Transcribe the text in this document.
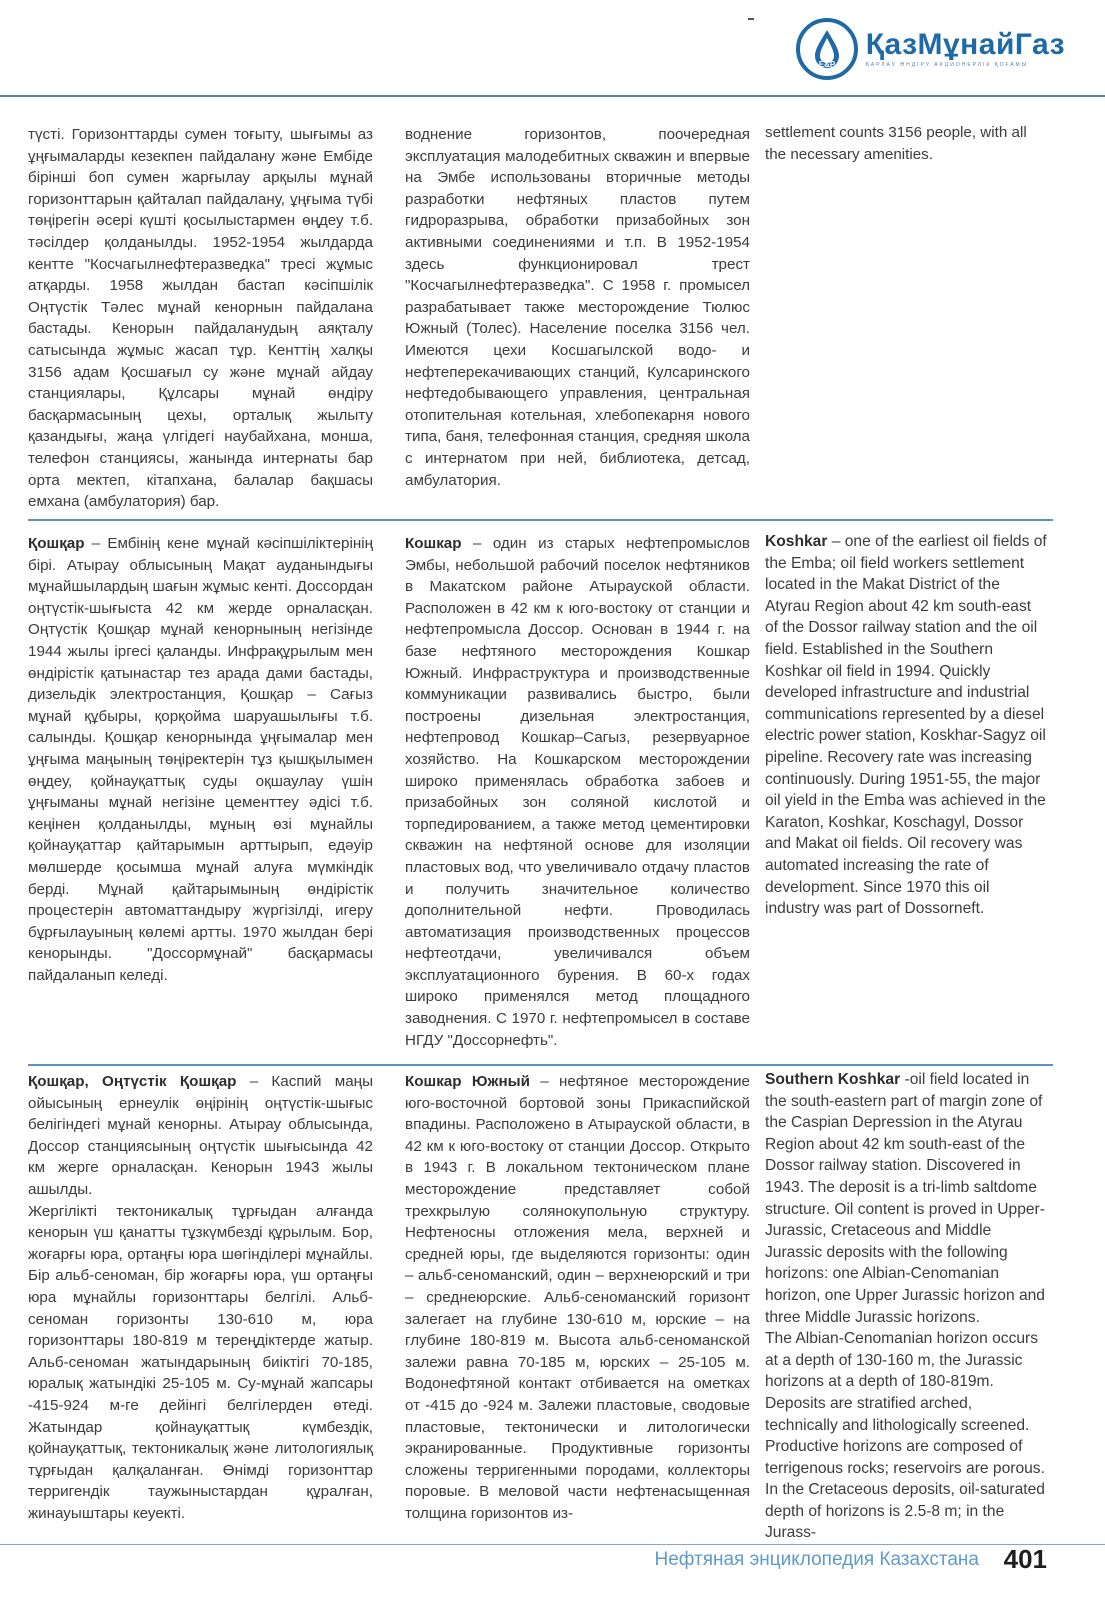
E&P
ҚазМұнайГаз
БАРЛАУ ӨНДІРУ АКЦИОНЕРЛІК ҚОҒАМЫ

түсті. Горизонттарды сумен тоғыту, шығымы аз ұңғымаларды кезекпен пайдалану және Ембіде бірінші боп сумен жарғылау арқылы мұнай горизонттарын қайталап пайдалану, ұңғыма түбі төңірегін әсері күшті қосылыстармен өңдеу т.б. тәсілдер қолданылды. 1952-1954 жылдарда кентте "Косчагылнефтеразведка" тресі жұмыс атқарды. 1958 жылдан бастап кәсіпшілік Оңтүстік Тәлес мұнай кенорнын пайдалана бастады. Кенорын пайдаланудың аяқталу сатысында жұмыс жасап тұр. Кенттің халқы 3156 адам Қосшағыл су және мұнай айдау станциялары, Құлсары мұнай өндіру басқармасының цехы, орталық жылыту қазандығы, жаңа үлгідегі наубайхана, монша, телефон станциясы, жанында интернаты бар орта мектеп, кітапхана, балалар бақшасы емхана (амбулатория) бар.

воднение горизонтов, поочередная эксплуатация малодебитных скважин и впервые на Эмбе использованы вторичные методы разработки нефтяных пластов путем гидроразрыва, обработки призабойных зон активными соединениями и т.п. В 1952-1954 здесь функционировал трест "Косчагылнефтеразведка". С 1958 г. промысел разрабатывает также месторождение Тюлюс Южный (Толес). Население поселка 3156 чел. Имеются цехи Косшагылской водо- и нефтеперекачивающих станций, Кулсаринского нефтедобывающего управления, центральная отопительная котельная, хлебопекарня нового типа, баня, телефонная станция, средняя школа с интернатом при ней, библиотека, детсад, амбулатория.

settlement counts 3156 people, with all the necessary amenities.

Қошқар – Ембінің кене мұнай кәсіпшіліктерінің бірі. Атырау облысының Мақат ауданындығы мұнайшылардың шағын жұмыс кенті. Доссордан оңтүстік-шығыста 42 км жерде орналасқан. Оңтүстік Қошқар мұнай кенорнының негізінде 1944 жылы іргесі қаланды. Инфрақұрылым мен өндірістік қатынастар тез арада дами бастады, дизельдік электростанция, Қошқар – Сағыз мұнай құбыры, қорқойма шаруашылығы т.б. салынды. Қошқар кенорнында ұңғымалар мен ұңғыма маңының төңіректерін тұз қышқылымен өңдеу, қойнауқаттық суды оқшаулау үшін ұңғыманы мұнай негізіне цементтеу әдісі т.б. кеңінен қолданылды, мұның өзі мұнайлы қойнауқаттар қайтарымын арттырып, едәуір мөлшерде қосымша мұнай алуға мүмкіндік берді. Мұнай қайтарымының өндірістік процестерін автоматтандыру жүргізілді, игеру бұрғылауының көлемі артты. 1970 жылдан бері кенорынды. "Доссормұнай" басқармасы пайдаланып келеді.

Кошкар – один из старых нефтепромыслов Эмбы, небольшой рабочий поселок нефтяников в Макатском районе Атырауской области. Расположен в 42 км к юго-востоку от станции и нефтепромысла Доссор. Основан в 1944 г. на базе нефтяного месторождения Кошкар Южный. Инфраструктура и производственные коммуникации развивались быстро, были построены дизельная электростанция, нефтепровод Кошкар–Сагыз, резервуарное хозяйство. На Кошкарском месторождении широко применялась обработка забоев и призабойных зон соляной кислотой и торпедированием, а также метод цементировки скважин на нефтяной основе для изоляции пластовых вод, что увеличивало отдачу пластов и получить значительное количество дополнительной нефти. Проводилась автоматизация производственных процессов нефтеотдачи, увеличивался объем эксплуатационного бурения. В 60-х годах широко применялся метод площадного заводнения. С 1970 г. нефтепромысел в составе НГДУ "Доссорнефть".

Koshkar – one of the earliest oil fields of the Emba; oil field workers settlement located in the Makat District of the Atyrau Region about 42 km south-east of the Dossor railway station and the oil field. Established in the Southern Koshkar oil field in 1994. Quickly developed infrastructure and industrial communications represented by a diesel electric power station, Koskhar-Sagyz oil pipeline. Recovery rate was increasing continuously. During 1951-55, the major oil yield in the Emba was achieved in the Karaton, Koshkar, Koschagyl, Dossor and Makat oil fields. Oil recovery was automated increasing the rate of development. Since 1970 this oil industry was part of Dossorneft.

Қошқар, Оңтүстік Қошқар – Каспий маңы ойысының ернеулік өңірінің оңтүстік-шығыс белігіндегі мұнай кенорны. Атырау облысында, Доссор станциясының оңтүстік шығысында 42 км жерге орналасқан. Кенорын 1943 жылы ашылды.
Жергілікті тектоникалық тұрғыдан алғанда кенорын үш қанатты тұзкүмбезді құрылым. Бор, жоғарғы юра, ортаңғы юра шөгінділері мұнайлы. Бір альб-сеноман, бір жоғарғы юра, үш ортаңғы юра мұнайлы горизонттары белгілі. Альб-сеноман горизонты 130-610 м, юра горизонттары 180-819 м тереңдіктерде жатыр. Альб-сеноман жатындарының биіктігі 70-185, юралық жатындікі 25-105 м. Су-мұнай жапсары -415-924 м-ге дейінгі белгілерден өтеді. Жатындар қойнауқаттық күмбездік, қойнауқаттық, тектоникалық және литологиялық тұрғыдан қалқаланған. Өнімді горизонттар терригендік таужыныстардан құралған, жинауыштары кеуекті.

Кошкар Южный – нефтяное месторождение юго-восточной бортовой зоны Прикаспийской впадины. Расположено в Атырауской области, в 42 км к юго-востоку от станции Доссор. Открыто в 1943 г. В локальном тектоническом плане месторождение представляет собой трехкрылую солянокупольную структуру. Нефтеносны отложения мела, верхней и средней юры, где выделяются горизонты: один – альб-сеноманский, один – верхнеюрский и три – среднеюрские. Альб-сеноманский горизонт залегает на глубине 130-610 м, юрские – на глубине 180-819 м. Высота альб-сеноманской залежи равна 70-185 м, юрских – 25-105 м. Водонефтяной контакт отбивается на ометках от -415 до -924 м. Залежи пластовые, сводовые пластовые, тектонически и литологически экранированные. Продуктивные горизонты сложены терригенными породами, коллекторы поровые. В меловой части нефтенасыщенная толщина горизонтов из-

Southern Koshkar -oil field located in the south-eastern part of margin zone of the Caspian Depression in the Atyrau Region about 42 km south-east of the Dossor railway station. Discovered in 1943. The deposit is a tri-limb saltdome structure. Oil content is proved in Upper-Jurassic, Cretaceous and Middle Jurassic deposits with the following horizons: one Albian-Cenomanian horizon, one Upper Jurassic horizon and three Middle Jurassic horizons.
The Albian-Cenomanian horizon occurs at a depth of 130-160 m, the Jurassic horizons at a depth of 180-819m. Deposits are stratified arched, technically and lithologically screened. Productive horizons are composed of terrigenous rocks; reservoirs are porous. In the Cretaceous deposits, oil-saturated depth of horizons is 2.5-8 m; in the Jurass-

Нефтяная энциклопедия Казахстана 401
